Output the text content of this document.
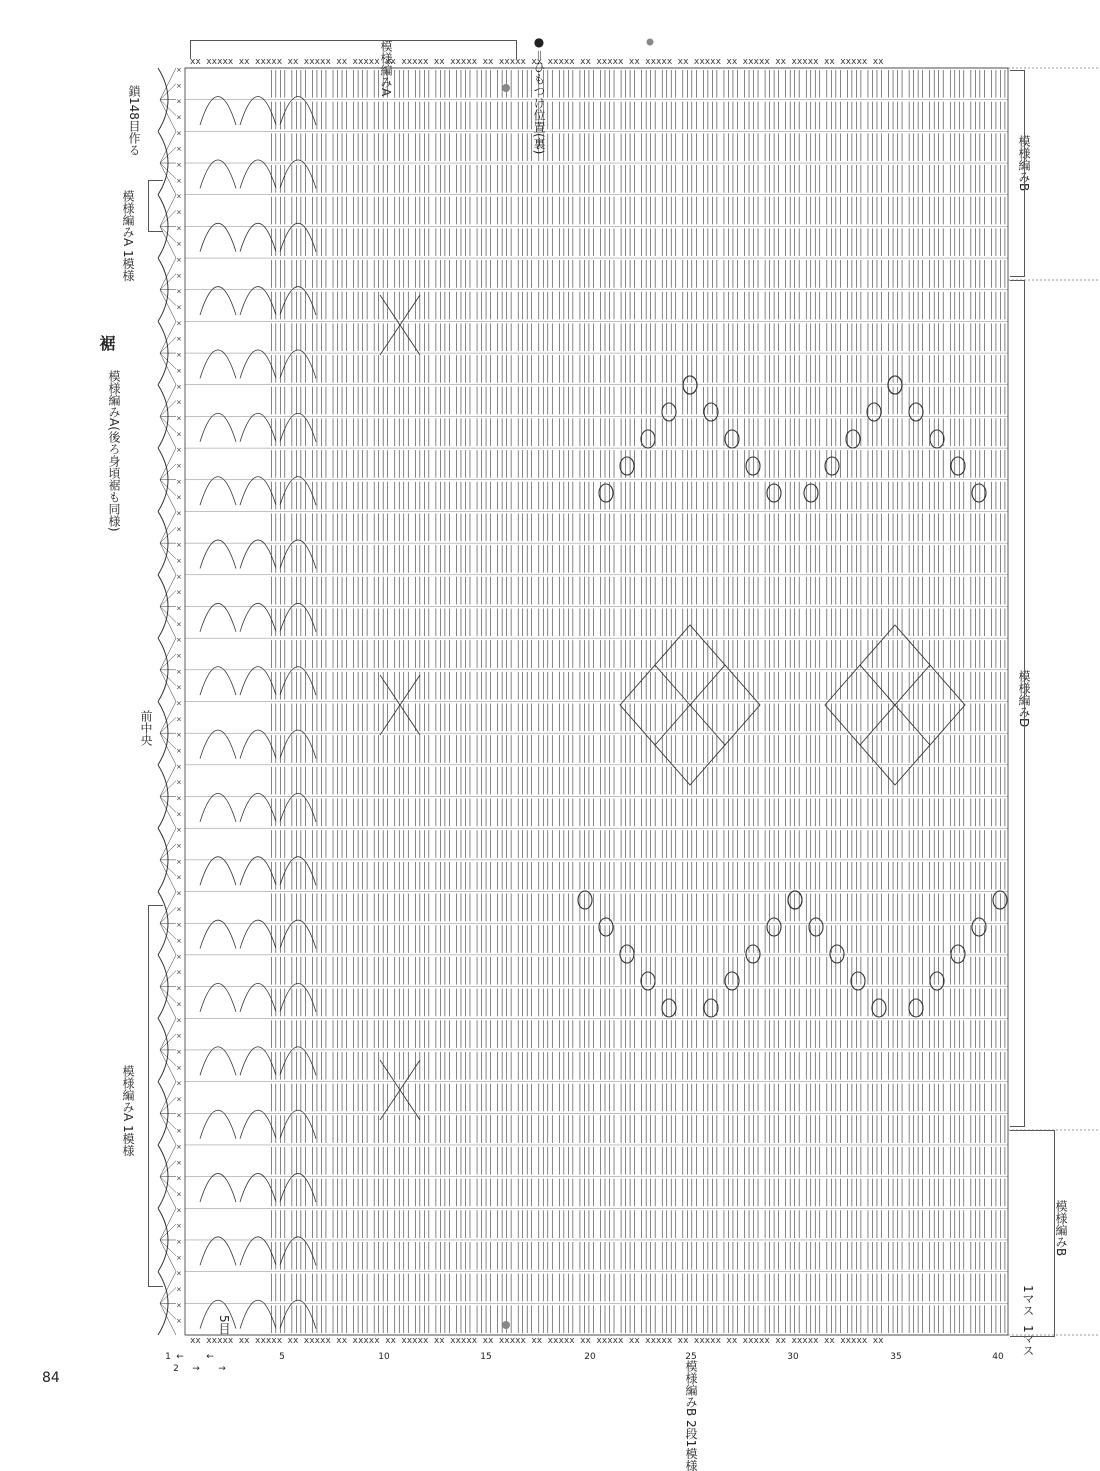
84
裾
模様編みA(後ろ身頃裾も同様)
鎖148目作る
模様編みA 1模様
模様編みA 1模様
前中央
模様編みA	●＝ひもつけ位置(裏)
5目
模様編みB
模様編みD
模様編みB
1マス
1マス
模様編みB 2段1模様
×
×
×
×
×
×
×
×
×
×
×
×
×
×
×
×
×
×
×
×
×
×
×
×
×
×
×
×
×
×
×
×
×
×
×
×
×
×
×
×
×
×
×
×
×
×
×
×
×
×
×
×
×
×
×
×
×
×
×
×
×
×
×
×
×
×
×
×
×
×
×
×
×
×
×
×
×
×
×
×
1
2
5	10	15	20	25	30	35	40
←
→
←
→
xx xxxxx xx xxxxx xx xxxxx xx xxxxx xx xxxxx xx xxxxx xx xxxxx xx xxxxx xx xxxxx xx xxxxx xx xxxxx xx xxxxx xx xxxxx xx xxxxx xx
xx xxxxx xx xxxxx xx xxxxx xx xxxxx xx xxxxx xx xxxxx xx xxxxx xx xxxxx xx xxxxx xx xxxxx xx xxxxx xx xxxxx xx xxxxx xx xxxxx xx
